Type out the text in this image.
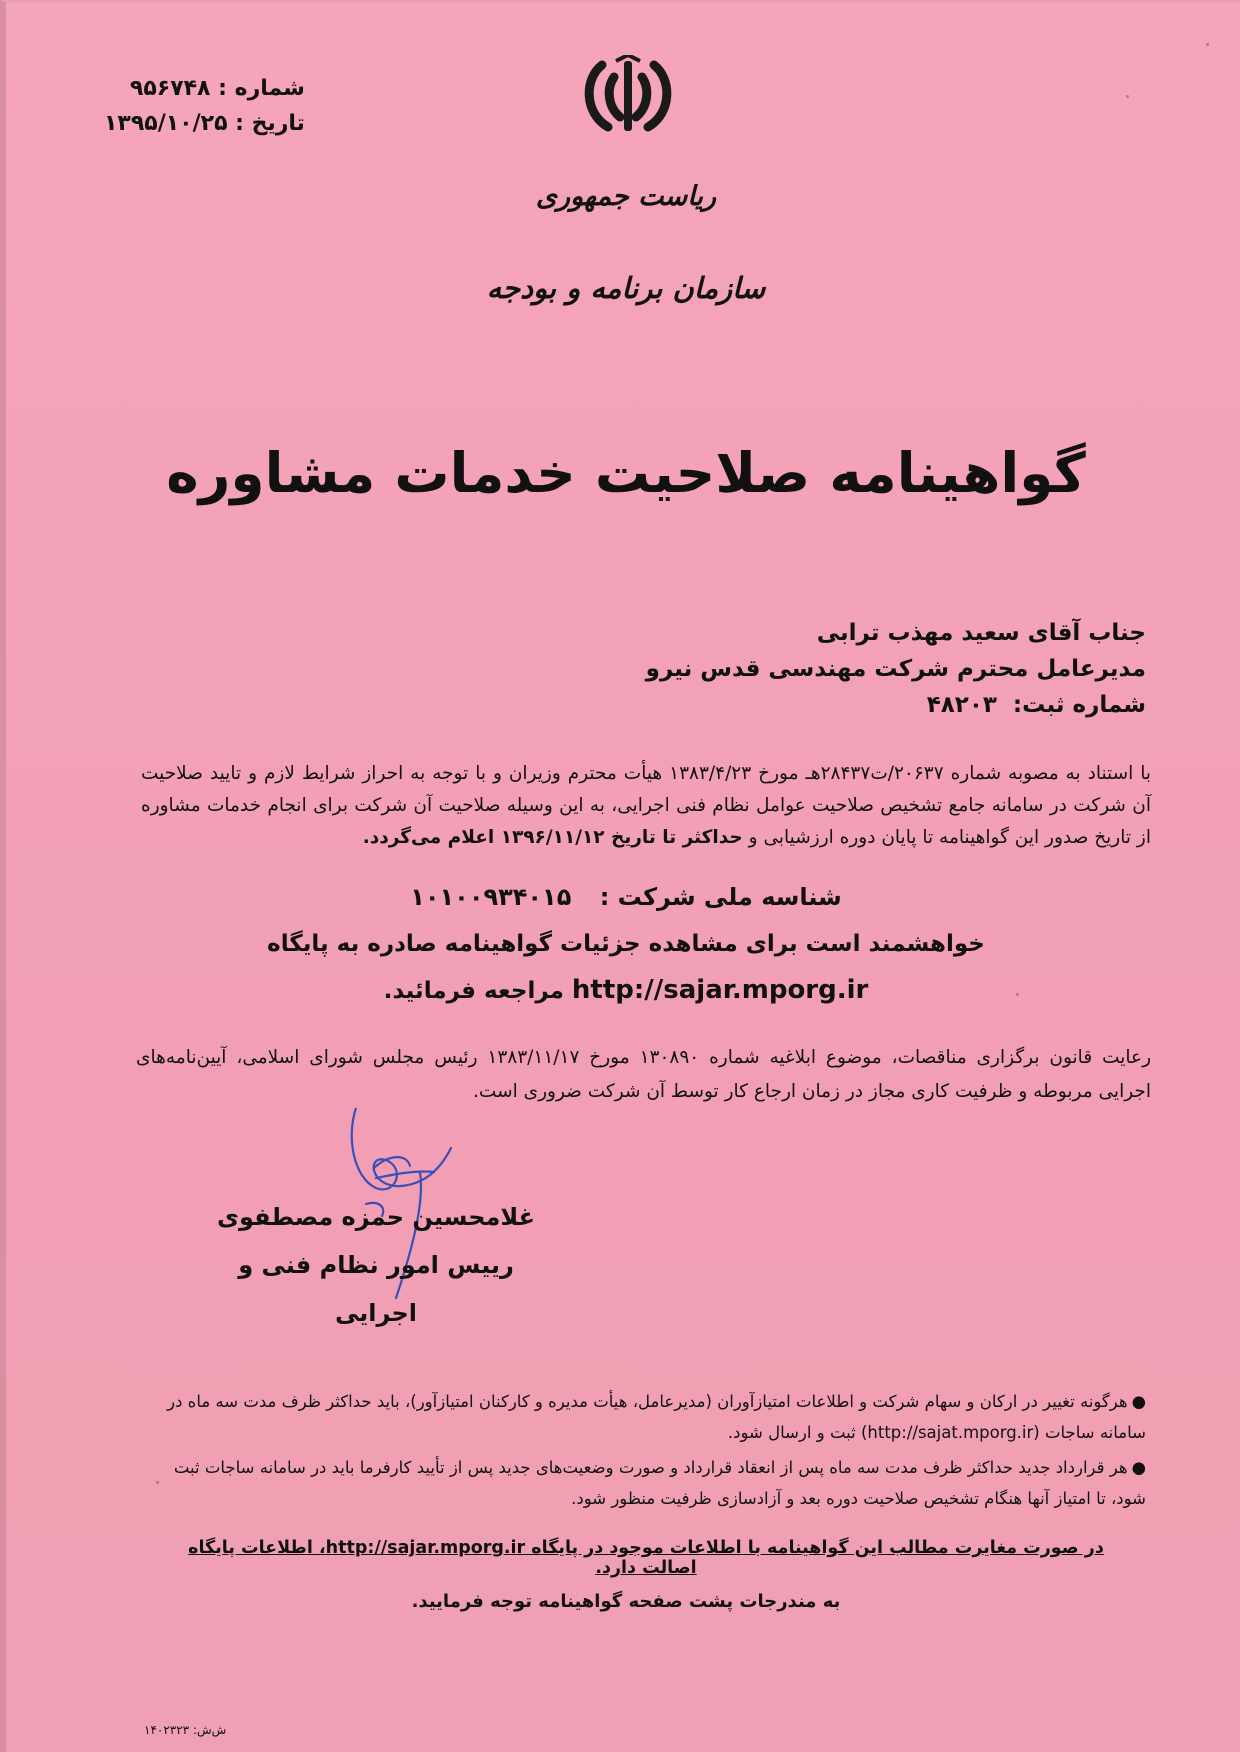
شماره : ۹۵۶۷۴۸
تاریخ : ۱۳۹۵/۱۰/۲۵
ریاست جمهوری
سازمان برنامه و بودجه
گواهینامه صلاحیت خدمات مشاوره
جناب آقای سعید مهذب ترابی
مدیرعامل محترم شرکت مهندسی قدس نیرو
شماره ثبت: ۴۸۲۰۳
با استناد به مصوبه شماره ۲۰۶۳۷/ت۲۸۴۳۷هـ مورخ ۱۳۸۳/۴/۲۳ هیأت محترم وزیران و با توجه به احراز شرایط لازم و تایید صلاحیت آن شرکت در سامانه جامع تشخیص صلاحیت عوامل نظام فنی اجرایی، به این وسیله صلاحیت آن شرکت برای انجام خدمات مشاوره از تاریخ صدور این گواهینامه تا پایان دوره ارزشیابی و حداکثر تا تاریخ ۱۳۹۶/۱۱/۱۲ اعلام می‌گردد.
شناسه ملی شرکت : ۱۰۱۰۰۹۳۴۰۱۵
خواهشمند است برای مشاهده جزئیات گواهینامه صادره به پایگاه
http://sajar.mporg.ir مراجعه فرمائید.
رعایت قانون برگزاری مناقصات، موضوع ابلاغیه شماره ۱۳۰۸۹۰ مورخ ۱۳۸۳/۱۱/۱۷ رئیس مجلس شورای اسلامی، آیین‌نامه‌های اجرایی مربوطه و ظرفیت کاری مجاز در زمان ارجاع کار توسط آن شرکت ضروری است.
غلامحسین حمزه مصطفوی
رییس امور نظام فنی و اجرایی
●هرگونه تغییر در ارکان و سهام شرکت و اطلاعات امتیازآوران (مدیرعامل، هیأت مدیره و کارکنان امتیازآور)، باید حداکثر ظرف مدت سه ماه در سامانه ساجات (http://sajat.mporg.ir) ثبت و ارسال شود.
●هر قرارداد جدید حداکثر ظرف مدت سه ماه پس از انعقاد قرارداد و صورت وضعیت‌های جدید پس از تأیید کارفرما باید در سامانه ساجات ثبت شود، تا امتیاز آنها هنگام تشخیص صلاحیت دوره بعد و آزادسازی ظرفیت منظور شود.
در صورت مغایرت مطالب این گواهینامه با اطلاعات موجود در پایگاه http://sajar.mporg.ir، اطلاعات پایگاه اصالت دارد.
به مندرجات پشت صفحه گواهینامه توجه فرمایید.
ش‌ش: ۱۴۰۲۳۲۳
